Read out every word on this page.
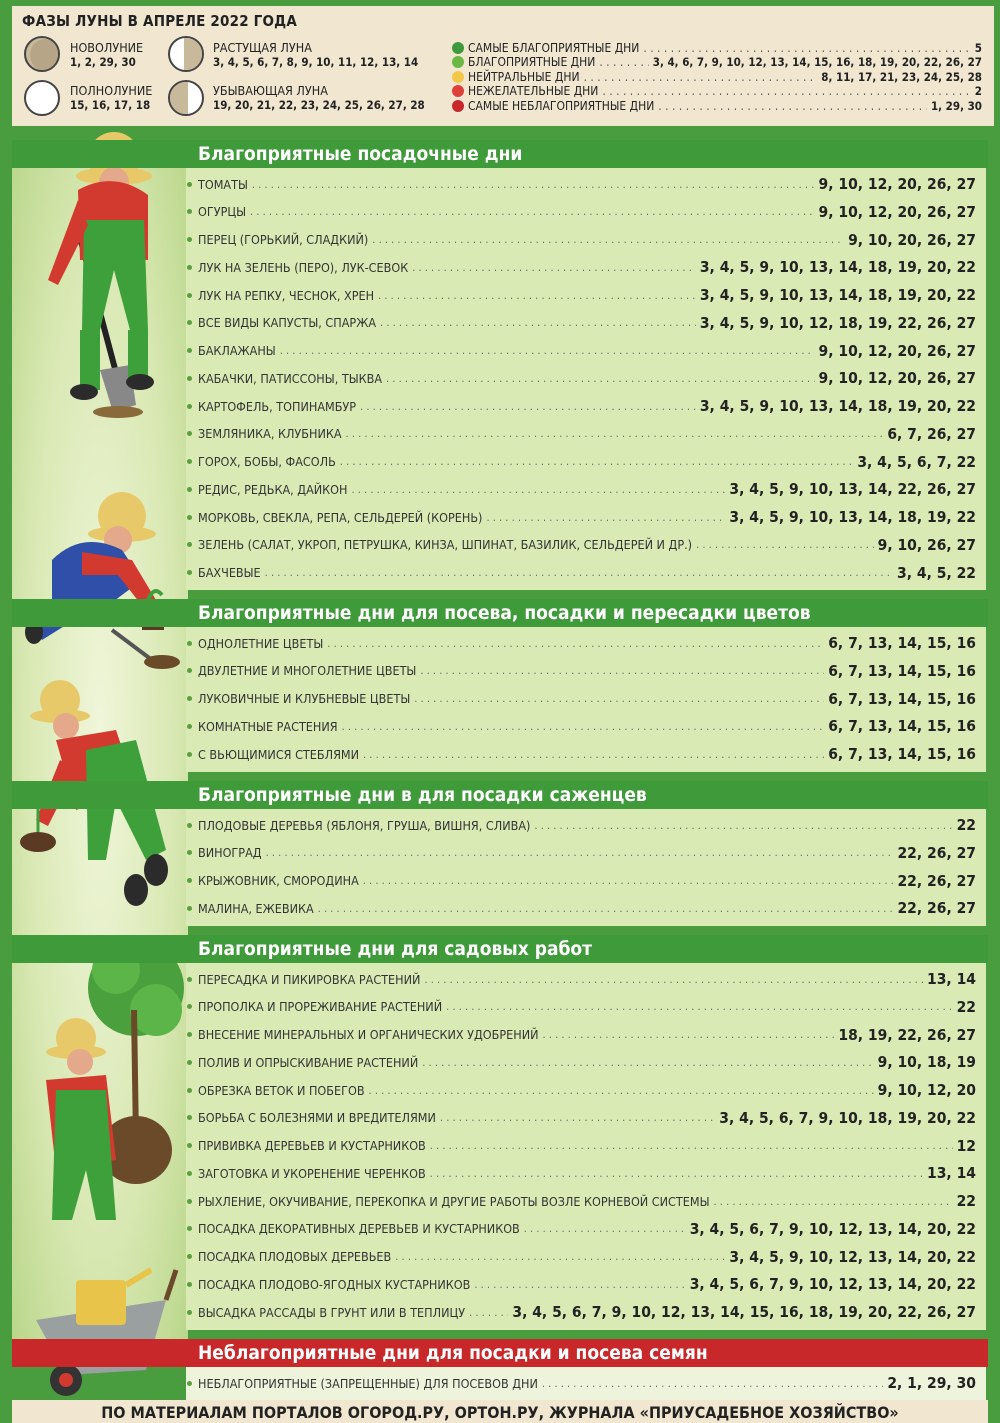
ФАЗЫ ЛУНЫ В АПРЕЛЕ 2022 ГОДА
НОВОЛУНИЕ
1, 2, 29, 30
РАСТУЩАЯ ЛУНА
3, 4, 5, 6, 7, 8, 9, 10, 11, 12, 13, 14
ПОЛНОЛУНИЕ
15, 16, 17, 18
УБЫВАЮЩАЯ ЛУНА
19, 20, 21, 22, 23, 24, 25, 26, 27, 28
САМЫЕ БЛАГОПРИЯТНЫЕ ДНИ . . .	5
БЛАГОПРИЯТНЫЕ ДНИ . . .	3, 4, 6, 7, 9, 10, 12, 13, 14, 15, 16, 18, 19, 20, 22, 26, 27
НЕЙТРАЛЬНЫЕ ДНИ . . .	8, 11, 17, 21, 23, 24, 25, 28
НЕЖЕЛАТЕЛЬНЫЕ ДНИ . . .	2
САМЫЕ НЕБЛАГОПРИЯТНЫЕ ДНИ . . .	1, 29, 30
Благоприятные посадочные дни
ТОМАТЫ . . .	9, 10, 12, 20, 26, 27
ОГУРЦЫ . . .	9, 10, 12, 20, 26, 27
ПЕРЕЦ (ГОРЬКИЙ, СЛАДКИЙ) . . .	9, 10, 20, 26, 27
ЛУК НА ЗЕЛЕНЬ (ПЕРО), ЛУК-СЕВОК . . .	3, 4, 5, 9, 10, 13, 14, 18, 19, 20, 22
ЛУК НА РЕПКУ, ЧЕСНОК, ХРЕН . . .	3, 4, 5, 9, 10, 13, 14, 18, 19, 20, 22
ВСЕ ВИДЫ КАПУСТЫ, СПАРЖА . . .	3, 4, 5, 9, 10, 12, 18, 19, 22, 26, 27
БАКЛАЖАНЫ . . .	9, 10, 12, 20, 26, 27
КАБАЧКИ, ПАТИССОНЫ, ТЫКВА . . .	9, 10, 12, 20, 26, 27
КАРТОФЕЛЬ, ТОПИНАМБУР . . .	3, 4, 5, 9, 10, 13, 14, 18, 19, 20, 22
ЗЕМЛЯНИКА, КЛУБНИКА . . .	6, 7, 26, 27
ГОРОХ, БОБЫ, ФАСОЛЬ . . .	3, 4, 5, 6, 7, 22
РЕДИС, РЕДЬКА, ДАЙКОН . . .	3, 4, 5, 9, 10, 13, 14, 22, 26, 27
МОРКОВЬ, СВЕКЛА, РЕПА, СЕЛЬДЕРЕЙ (КОРЕНЬ) . . .	3, 4, 5, 9, 10, 13, 14, 18, 19, 22
ЗЕЛЕНЬ (САЛАТ, УКРОП, ПЕТРУШКА, КИНЗА, ШПИНАТ, БАЗИЛИК, СЕЛЬДЕРЕЙ И ДР.) . . .	9, 10, 26, 27
БАХЧЕВЫЕ . . .	3, 4, 5, 22
Благоприятные дни для посева, посадки и пересадки цветов
ОДНОЛЕТНИЕ ЦВЕТЫ . . .	6, 7, 13, 14, 15, 16
ДВУЛЕТНИЕ И МНОГОЛЕТНИЕ ЦВЕТЫ . . .	6, 7, 13, 14, 15, 16
ЛУКОВИЧНЫЕ И КЛУБНЕВЫЕ ЦВЕТЫ . . .	6, 7, 13, 14, 15, 16
КОМНАТНЫЕ РАСТЕНИЯ . . .	6, 7, 13, 14, 15, 16
С ВЬЮЩИМИСЯ СТЕБЛЯМИ . . .	6, 7, 13, 14, 15, 16
Благоприятные дни в для посадки саженцев
ПЛОДОВЫЕ ДЕРЕВЬЯ (ЯБЛОНЯ, ГРУША, ВИШНЯ, СЛИВА) . . .	22
ВИНОГРАД . . .	22, 26, 27
КРЫЖОВНИК, СМОРОДИНА . . .	22, 26, 27
МАЛИНА, ЕЖЕВИКА . . .	22, 26, 27
Благоприятные дни для садовых работ
ПЕРЕСАДКА И ПИКИРОВКА РАСТЕНИЙ . . .	13, 14
ПРОПОЛКА И ПРОРЕЖИВАНИЕ РАСТЕНИЙ . . .	22
ВНЕСЕНИЕ МИНЕРАЛЬНЫХ И ОРГАНИЧЕСКИХ УДОБРЕНИЙ . . .	18, 19, 22, 26, 27
ПОЛИВ И ОПРЫСКИВАНИЕ РАСТЕНИЙ . . .	9, 10, 18, 19
ОБРЕЗКА ВЕТОК И ПОБЕГОВ . . .	9, 10, 12, 20
БОРЬБА С БОЛЕЗНЯМИ И ВРЕДИТЕЛЯМИ . . .	3, 4, 5, 6, 7, 9, 10, 18, 19, 20, 22
ПРИВИВКА ДЕРЕВЬЕВ И КУСТАРНИКОВ . . .	12
ЗАГОТОВКА И УКОРЕНЕНИЕ ЧЕРЕНКОВ . . .	13, 14
РЫХЛЕНИЕ, ОКУЧИВАНИЕ, ПЕРЕКОПКА И ДРУГИЕ РАБОТЫ ВОЗЛЕ КОРНЕВОЙ СИСТЕМЫ . . .	22
ПОСАДКА ДЕКОРАТИВНЫХ ДЕРЕВЬЕВ И КУСТАРНИКОВ . . .	3, 4, 5, 6, 7, 9, 10, 12, 13, 14, 20, 22
ПОСАДКА ПЛОДОВЫХ ДЕРЕВЬЕВ . . .	3, 4, 5, 9, 10, 12, 13, 14, 20, 22
ПОСАДКА ПЛОДОВО-ЯГОДНЫХ КУСТАРНИКОВ . . .	3, 4, 5, 6, 7, 9, 10, 12, 13, 14, 20, 22
ВЫСАДКА РАССАДЫ В ГРУНТ ИЛИ В ТЕПЛИЦУ . . .	3, 4, 5, 6, 7, 9, 10, 12, 13, 14, 15, 16, 18, 19, 20, 22, 26, 27
Неблагоприятные дни для посадки и посева семян
НЕБЛАГОПРИЯТНЫЕ (ЗАПРЕЩЕННЫЕ) ДЛЯ ПОСЕВОВ ДНИ . . .	2, 1, 29, 30
ПО МАТЕРИАЛАМ ПОРТАЛОВ ОГОРОД.РУ, ОРТОН.РУ, ЖУРНАЛА «ПРИУСАДЕБНОЕ ХОЗЯЙСТВО»
